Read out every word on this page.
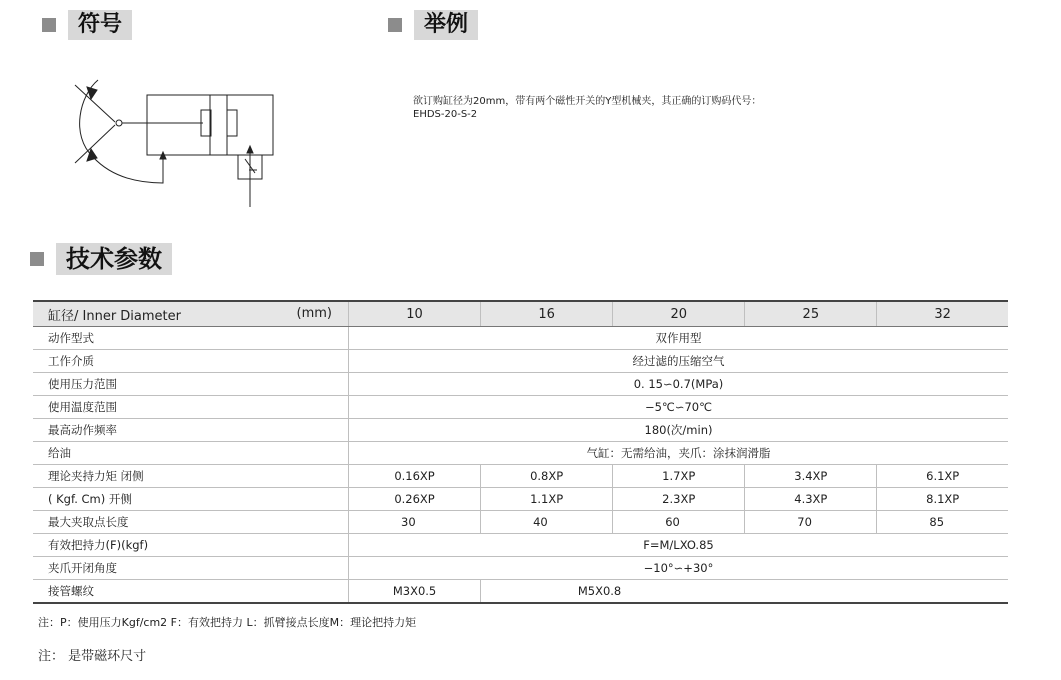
符号	举例
欲订购缸径为20mm，带有两个磁性开关的Y型机械夹，其正确的订购码代号：
EHDS-20-S-2
技术参数
缸径/ Inner Diameter (mm)	10	16	20	25	32
动作型式	双作用型				
工作介质	经过滤的压缩空气				
使用压力范围	0. 15∽0.7(MPa)				
使用温度范围	−5℃∽70℃				
最高动作频率	180(次/min)				
给油	气缸：无需给油，夹爪：涂抹润滑脂				
理论夹持力矩 闭侧	0.16XP	0.8XP	1.7XP	3.4XP	6.1XP
( Kgf. Cm) 开侧	0.26XP	1.1XP	2.3XP	4.3XP	8.1XP
最大夹取点长度	30	40	60	70	85
有效把持力(F)(kgf)	F=M/LXO.85				
夹爪开闭角度	−10°∽+30°				
接管螺纹	M3X0.5	M5X0.8			
注：P：使用压力Kgf/cm2 F：有效把持力 L：抓臂接点长度M：理论把持力矩
注： 是带磁环尺寸
